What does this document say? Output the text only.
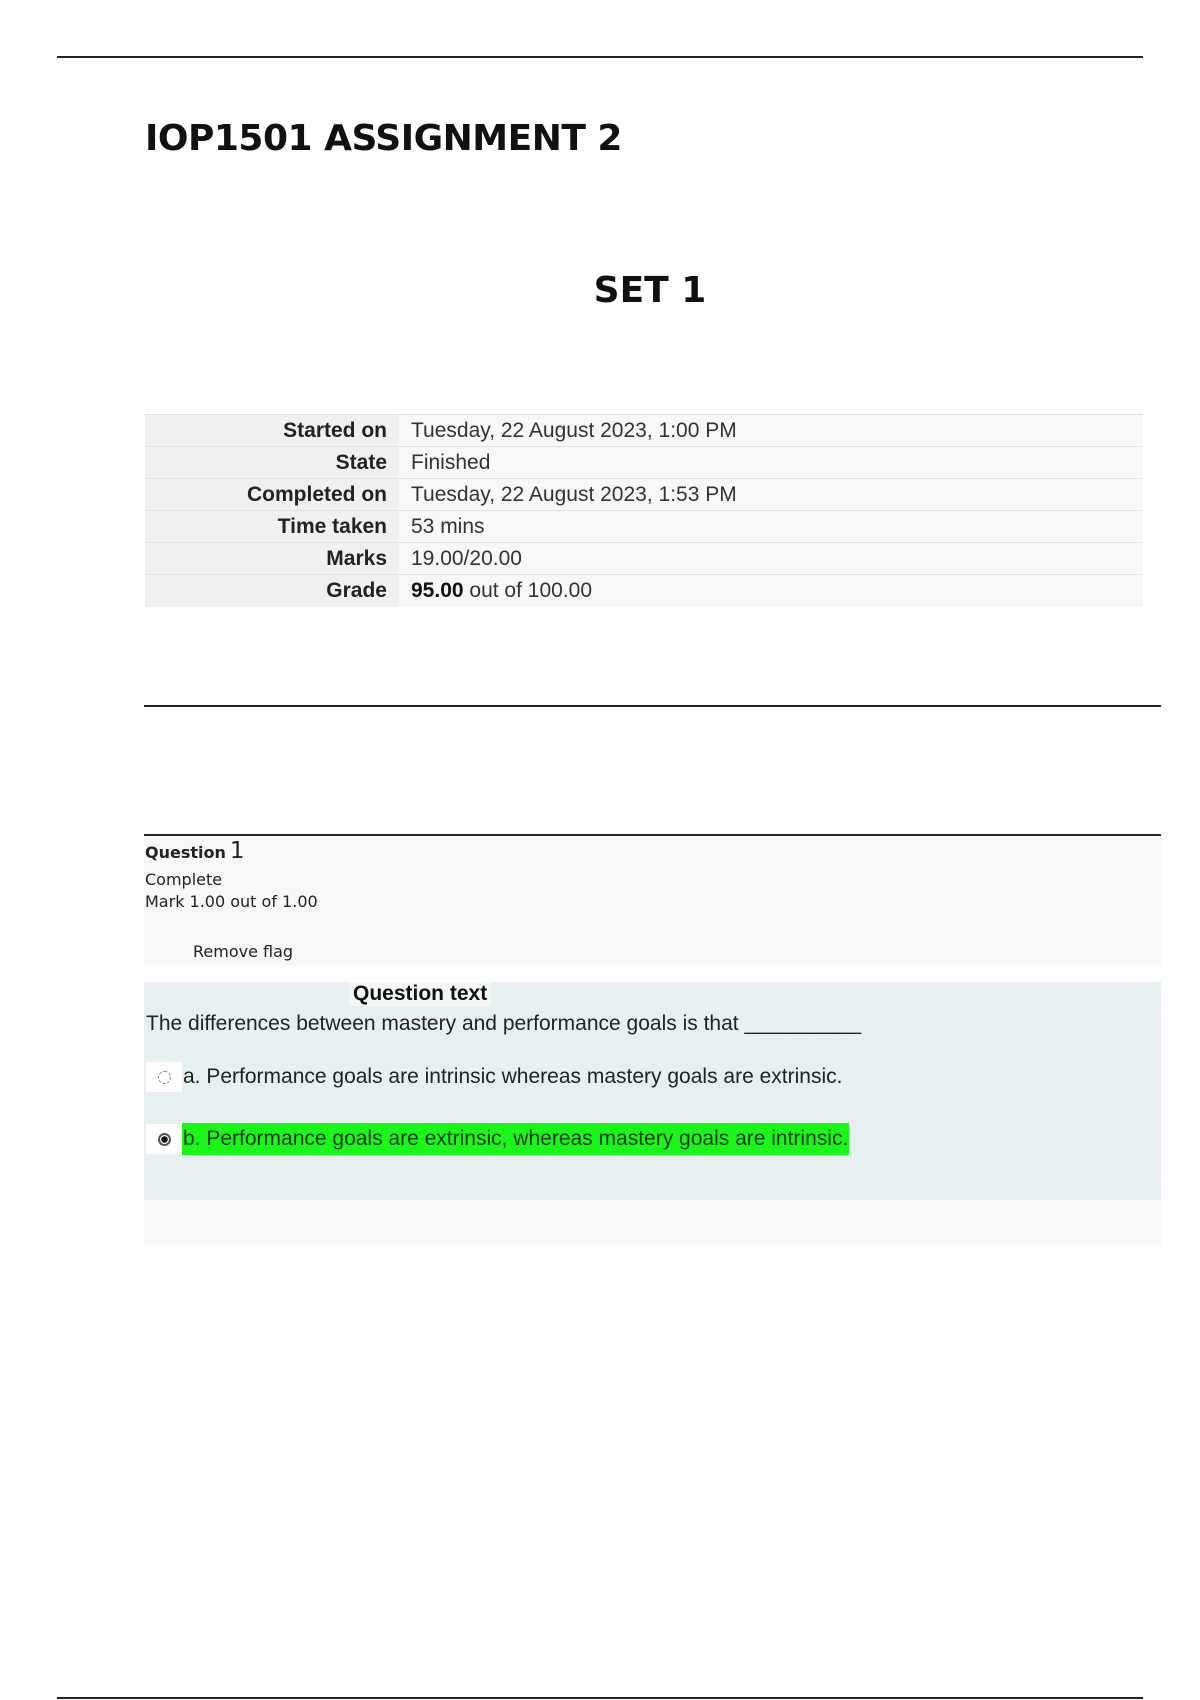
IOP1501 ASSIGNMENT 2
SET 1
Started on	Tuesday, 22 August 2023, 1:00 PM
State	Finished
Completed on	Tuesday, 22 August 2023, 1:53 PM
Time taken	53 mins
Marks	19.00/20.00
Grade	95.00 out of 100.00
Question 1
Complete
Mark 1.00 out of 1.00
Remove flag
Question text
The differences between mastery and performance goals is that __________
a. Performance goals are intrinsic whereas mastery goals are extrinsic.
b. Performance goals are extrinsic, whereas mastery goals are intrinsic.
